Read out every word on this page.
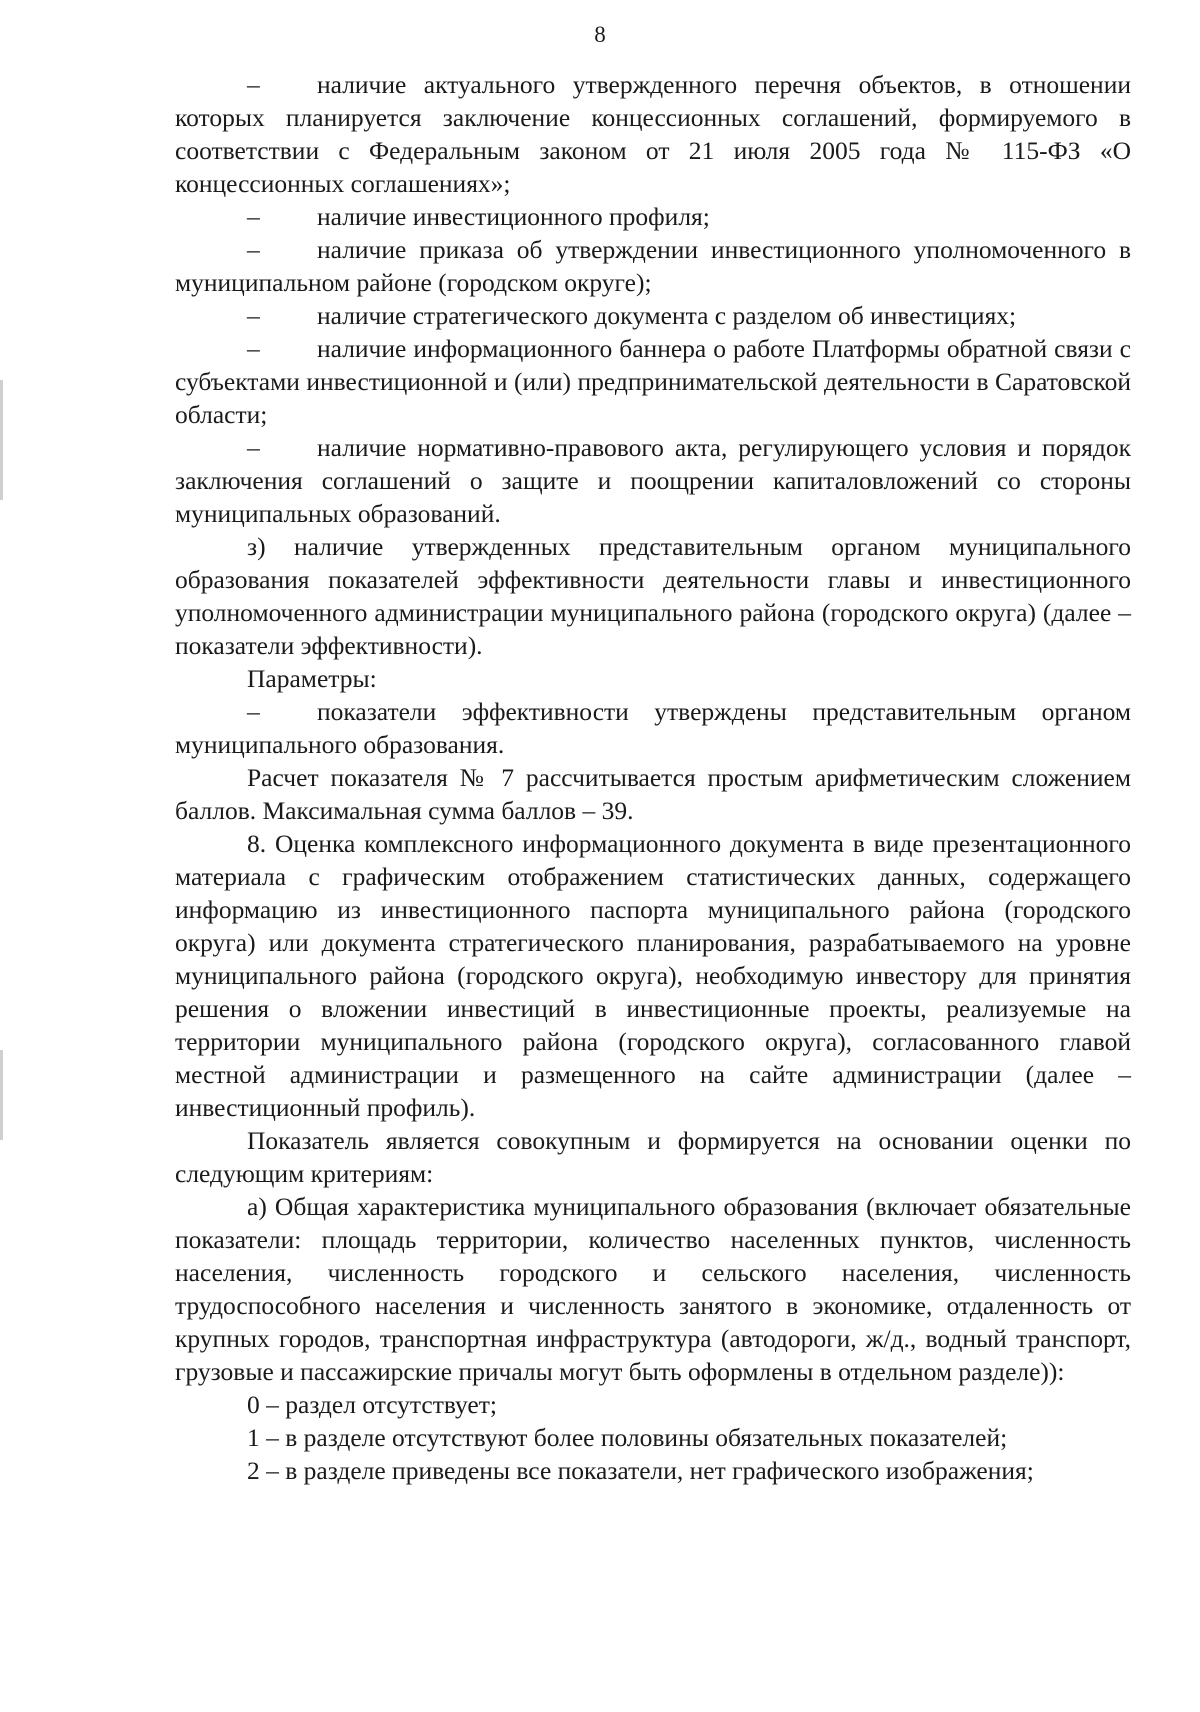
8

– наличие актуального утвержденного перечня объектов, в отношении которых планируется заключение концессионных соглашений, формируемого в соответствии с Федеральным законом от 21 июля 2005 года № 115-ФЗ «О концессионных соглашениях»;

– наличие инвестиционного профиля;

– наличие приказа об утверждении инвестиционного уполномоченного в муниципальном районе (городском округе);

– наличие стратегического документа с разделом об инвестициях;

– наличие информационного баннера о работе Платформы обратной связи с субъектами инвестиционной и (или) предпринимательской деятельности в Саратовской области;

– наличие нормативно-правового акта, регулирующего условия и порядок заключения соглашений о защите и поощрении капиталовложений со стороны муниципальных образований.

з) наличие утвержденных представительным органом муниципального образования показателей эффективности деятельности главы и инвестиционного уполномоченного администрации муниципального района (городского округа) (далее – показатели эффективности).

Параметры:

– показатели эффективности утверждены представительным органом муниципального образования.

Расчет показателя № 7 рассчитывается простым арифметическим сложением баллов. Максимальная сумма баллов – 39.

8. Оценка комплексного информационного документа в виде презентационного материала с графическим отображением статистических данных, содержащего информацию из инвестиционного паспорта муниципального района (городского округа) или документа стратегического планирования, разрабатываемого на уровне муниципального района (городского округа), необходимую инвестору для принятия решения о вложении инвестиций в инвестиционные проекты, реализуемые на территории муниципального района (городского округа), согласованного главой местной администрации и размещенного на сайте администрации (далее – инвестиционный профиль).

Показатель является совокупным и формируется на основании оценки по следующим критериям:

а) Общая характеристика муниципального образования (включает обязательные показатели: площадь территории, количество населенных пунктов, численность населения, численность городского и сельского населения, численность трудоспособного населения и численность занятого в экономике, отдаленность от крупных городов, транспортная инфраструктура (автодороги, ж/д., водный транспорт, грузовые и пассажирские причалы могут быть оформлены в отдельном разделе)):

0 – раздел отсутствует;

1 – в разделе отсутствуют более половины обязательных показателей;

2 – в разделе приведены все показатели, нет графического изображения;
